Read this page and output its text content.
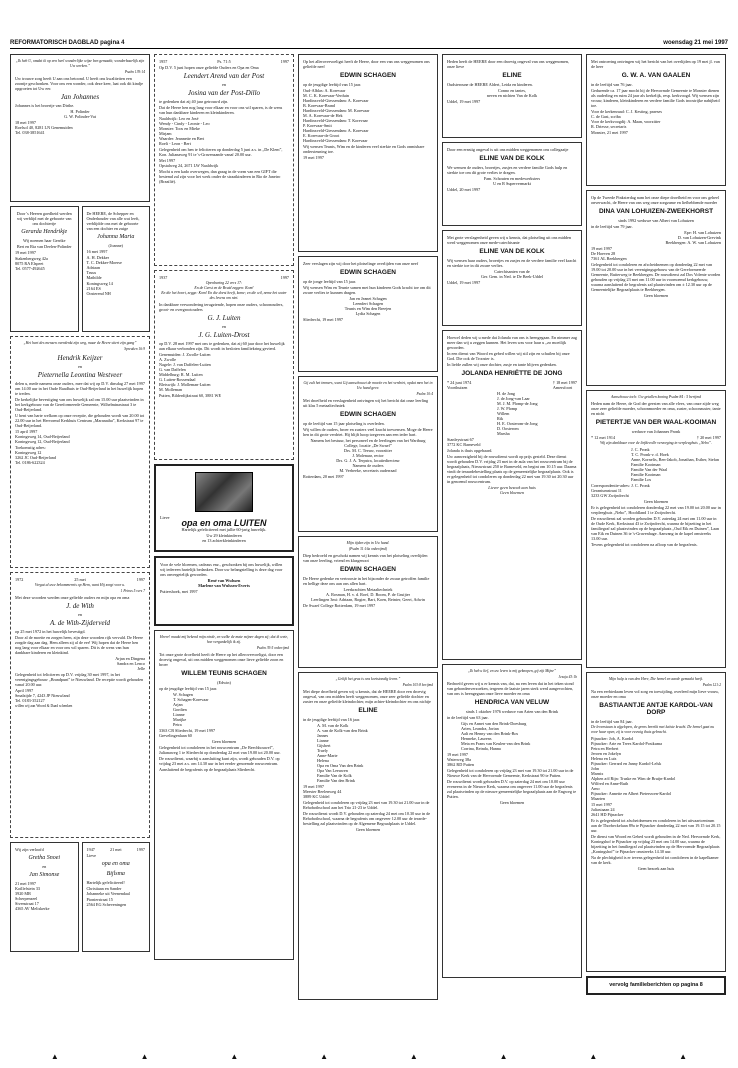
REFORMATORISCH DAGBLAD pagina 4	woensdag 21 mei 1997

„Ik heb U, omdat ik op een heel wonderlijke wijze ben gemaakt; wonderbaarlijk zijn Uw werken.”

Psalm 139:14

Uw trouwe zorg heeft U aan ons betoond. U heeft ons kwaliteiten een zoontje geschonken. Voor ons een wonder, ook deze keer, laat ook dit kindje opgroeien tot Uw eer.

Jan Johannes

Johannes is het broertje van Dirthe.

H. Polinder
G. W. Polinder-Vat

18 mei 1997
Roelsol 40, 8281 LN Genemuiden
Tel. 038-3851641

Door 's Heeren goedheid werden wij verblijd met de geboorte van ons dochtertje

Gerarda Hendrikje

Wij noemen haar Gerrike

Bert en Ria van Deelen-Polinder

19 mei 1997

Stakenbergweg 42a
8075 RA Elspeet
Tel. 0577-492645

De HEERE, de Schepper en Onderhouder van alle wat leeft, verblijdde ons met de geboorte van een dochter en zuige

Johanna Maria

(Joanne)

16 mei 1997

A. H. Dekker
T. C. Dekker-Moerse
Adriaan
Truus
Mathilde

Koningsweg 14
2164 ES
Oosterend NH

„Het hart des mensen overdenkt zijn weg, maar de Heere stiert zijn gang”

Spreuken 16:9

Hendrik Keijzer

en

Pieternella Leontina Westveer

delen u, mede namens onze ouders, mee dat wij op D.V. dinsdag 27 mei 1997 om 14.00 uur in het Oude Raadhuis te Oud-Beijerland in het huwelijk hopen te treden.

De kerkelijke bevestiging van ons huwelijk zal om 15.00 uur plaatsvinden in het kerkgebouw van de Gereformeerde Gemeente, Wilhelminastraat 3 te Oud-Beijerland.

U bent van harte welkom op onze receptie, die gehouden wordt van 20.00 tot 22.00 uur in het Hervormd Kerkhuis Centrum „Maranatha”, Kerkstraat 97 te Oud-Beijerland.

15 april 1997
Koningsweg 14, Oud-Beijerland
Koningsweg 12, Oud-Beijerland

Toekomstig adres:
Koningsweg 12
3262 JC Oud-Beijerland
Tel. 0186-622324

1972	25 mei	1997

Vergat al uwe bekommernis op Hem, want Hij zorgt voor u.

1 Petrus 5 vers 7

Met deze woorden werden onze geliefde ouders en mijn opa en oma

J. de With

en

A. de With-Zijderveld

op 25 mei 1972 in het huwelijk bevestigd.

Door al de moeite en zorgen heen, zijn deze woorden rijk vervuld. De Heere zorgde dag aan dag. Hem alleen zij al de eer! Wij hopen dat de Heere hen nog lang voor elkaar en voor ons wil sparen. Dit is de wens van hun dankbare kinderen en kleinkind.

Arjan en Dingena
Sandra en Lenco
Jelle

Gelegenheid tot feliciteren op D.V. vrijdag 30 mei 1997, in het verenigingsgebouw „Brandpunt” te Nieuwland. De receptie wordt gehouden vanaf 20.00 uur.

April 1997
Smalzijde 7, 4243 JP Nieuwland
Tel. 0183-352127

willen wij aan Woord & Daad schenken

Wij zijn verloofd

Gretha Snoei

en

Jan Simonse

21 mei 1997
Koillefstein 33
3920 MR
Scherpenzeel
Sivenstraat 17
4365 AV Meliskerke

1947	21 mei	1997

Lieve

opa en oma

Bijlsma

Hartelijk gefeliciteerd!

Christiaan en Sander
Johanneke uit Veenendaal

Pionierstraat 15
2564 EG Scheveningen

1957	Ps. 71:5	1997

Op D.V. 5 juni hopen onze geliefde Ouders en Opa en Oma

Leendert Arend van der Post

en

Josina van der Post-Dillo

te gedenken dat zij 40 jaar getrouwd zijn.

Dat de Heere hen nog lang voor elkaar en voor ons wil sparen, is de wens van hun dankbare kinderen en kleinkinderen.

Naaldwijk: Leo en José
Wendy - Cindy - Leonie - Leo
Monster: Toos en Mieke
Mirjam
Waarder: Jeannette en Bert
Roeli - Leon - Bert

Gelegenheid om hen te feliciteren op donderdag 5 juni a.s. in „De Klem”, Kon. Julianaweg 91 te 's-Gravenzande vanaf 20.00 uur.

Mei 1997
Opstalweg 24, 2671 LW Naaldwijk

Mocht u een kado overwegen, dan graag in de vorm van een GIFT die bestemd zal zijn voor het werk onder de straatkinderen in Rio de Janeiro (Brazilië).

1937	1997

Openbaring 22 vers 17:
En de Geest en de Bruid zeggen: Kom!
En die het hoort, zegge: Kom! En die dorst heeft, kome; en die wil, neme het water des levens om niet.

In dankbare verwondering terugziende, hopen onze ouders, schoonouders, groot- en overgrootouders

G. J. Luiten

en

J. G. Luiten-Drost

op D.V. 28 mei 1997 met ons te gedenken, dat zij 60 jaar door het huwelijk aan elkaar verbonden zijn. Dit wordt in besloten familiekring gevierd.

Genemuiden: J. Zwolle-Luiten
A. Zwolle
Nagele: J. van Daffelen-Luiten
G. van Daffelen
Middelburg: R. M. Luiten
G. Luiten-Rossendaal
Bleiswijk: J. Molleman-Luiten
M. Molleman

Putten, Bilderdijkstraat 60, 3881 WE

Lieve

opa en oma LUITEN

Hartelijk gefeliciteerd met jullie 60-jarig huwelijk.

Uw 29 kleinkinderen
en 13 achterkleinkinderen

Voor de vele bloemen, cadeaus enz., geschonken bij ons huwelijk, willen wij iedereen hartelijk bedanken. Door uw belangstelling is deze dag voor ons onvergetelijk geworden.

René van Wulssen
Marlene van Wulssen-Everts

Puttershoek, mei 1997

Heere! maakt mij bekend mijn einde, en welke de mate mijner dagen zij; dat ik wete, hoe vergankelijk ik zij.

Psalm 39:5 onberijmd

Tot onze grote droefheid heeft de Heere op het allerovervoeligst, door een droevig ongeval, uit ons midden weggenomen onze lieve geliefde zoon en broer

WILLEM TEUNIS SCHAGEN

(Edwin)

op de jeugdige leeftijd van 15 jaar.

W. Schagen
T. Schagen-Korevaar
Arjan
Gordien
Lianne
Marijke
Petra

3363 CB Sliedrecht, 19 mei 1997
Grevelingenlaan 60

Geen bloemen

Gelegenheid tot condoleren in het rouwcentrum „De Beechhouwel”, Julianaweg 1 te Sliedrecht op donderdag 22 mei van 19.00 tot 20.00 uur.

De rouwdienst, waarbij u aansluiting kunt zijn, wordt gehouden D.V. op vrijdag 23 mei a.s. om 14.30 uur in het eerder genoemde rouwcentrum.

Aansluitend de begrafenis op de begraafplaats Sliedrecht.

Op het allerovervoeligst heeft de Heere, door een van ons weggenomen ons geliefde neef

EDWIN SCHAGEN

op de jeugdige leeftijd van 15 jaar.

Oud-Alblas: A. Korevaar
M. C. K. Korevaar-Verduin
Hardinxveld-Giessendam: A. Korevaar
B. Korevaar-Brand
Hardinxveld-Giessendam: M. Korevaar
M. A. Korevaar-de Hek
Hardinxveld-Giessendam: T. Korevaar
P. Korevaar-Smit
Hardinxveld-Giessendam: A. Korevaar
E. Korevaar-de Groot
Hardinxveld-Giessendam: P. Korevaar

Wij wensen Teunis, Wim en de kinderen veel sterkte en Gods onmisbare ondersteuning toe.

19 mei 1997

Zeer verslagen zijn wij door het plotselinge overlijden van onze neef

EDWIN SCHAGEN

op de jonge leeftijd van 15 jaar.

Wij wensen Wim en Teunie samen met hun kinderen Gods kracht toe om dit zware verlies te kunnen dragen.

Jan en Jeanet Schagen
Leendert Schagen
Teunis en Wim den Breejen
Lydia Schagen

Sliedrecht, 19 mei 1997

Gij zult het immers, want Gij aanschouwt de moeite en het verdriet, opdat men het in Uw hand geve.

Psalm 10:4

Met droefheid en verslagenheid ontvingen wij het bericht dat onze leerling uit klas 5 metaaltechniek

EDWIN SCHAGEN

op de leeftijd van 15 jaar plotseling is overleden.

Wij willen de ouders, broer en zusters veel kracht toewensen. Moge de Heere hen in dit grote verdriet. Hij blijft hoop toegeven aan een ieder hart.

Namens het bestuur, het personeel en de leerlingen van het Wartburg College, locatie „De Swaef”
Drs. M. C. Teeuw, voorzitter
J. Molenaar, rector
Drs. G. J. A. Terpstra, locatiedirecteur
Namens de ouders
M. Verbeeke, secretaris ouderraad

Rotterdam, 20 mei 1997

Mijn tijden zijn in Uw hand.

(Psalm 31:16a onberijmd)

Diep bedroefd en geschokt namen wij kennis van het plotseling overlijden van onze leerling, vriend en klasgenoot

EDWIN SCHAGEN

De Heere gedenke en vertrooste in het bijzonder de zwaar getroffen familie en hellige deze ons aan ons allen hart.

Leerkrachten Metaaltechniek
A. Rosman, H. v. d. Roef, D. Boom, P. de Gruijter
Leerlingen 3mi: Adriaan, Rogier, Bart, Koen, Reinier, Geert, Adwin

De Swaef College Rotterdam, 19 mei 1997

„Gelijk het gras is ons kortstondig leven.”

Psalm 103:8 berijmd

Met diepe droefheid geven wij u kennis, dat de HEERE door een droevig ongeval, van ons midden heeft weggenomen, onze zeer geliefde dochter en zuster en onze geliefde kleindochter, mijn achter-kleindochter en ons nichtje

ELINE

in de jeugdige leeftijd van 16 jaar.

A. M. van de Kolk
A. van de Kolk-van den Brink
Jannes
Lianne
Gijsbert
Truely
Anne-Marie
Helena
Opa en Oma Van den Brink
Opa Van Leeuwen
Familie Van de Kolk
Familie Van den Brink

19 mei 1997
Meester Beelenweg 44
3889 KC Uddel

Gelegenheid tot condoleren op vrijdag 23 mei van 19.30 tot 21.00 uur in de Rehobothschool aan het Trio 21-23 te Uddel.

De rouwdienst wordt D.V. gehouden op zaterdag 24 mei om 10.30 uur in de Rehobothschool, waarna de begrafenis om ongeveer 12.00 uur de terarde-bestelling zal plaatsvinden op de Algemene Begraafplaats te Uddel.

Geen bloemen

Heden heeft de HEERE door een droevig ongeval van ons weggenomen, onze lieve

ELINE

Oudsteroune de HEERE Aldert, Leida en kinderen.

Conno en tantes,
neven en nichten Van de Kolk

Uddel, 19 mei 1997

Door een ernstig ongeval is uit ons midden weggenomen ons collegaatje

ELINE VAN DE KOLK

We wensen de ouders, broertjes, zusjes en verdere familie Gods hulp en sterkte toe om dit grote verlies te dragen.

Fam. Schouten en medewerksters
U en R Supervermarkt

Uddel, 20 mei 1997

Met grote verslagenheid geven wij u kennis, dat plotseling uit ons midden werd weggenomen onze mede-catechisante

ELINE VAN DE KOLK

Wij wensen haar ouders, broertjes en zusjes en de verdere familie veel kracht en sterkte toe in dit zware verlies.

Catechisanten van de
Ger. Gem. in Ned. te De Beek-Uddel

Uddel, 19 mei 1997

Hoewel deden wij u mede dat Jolanda van ons is heengegaan. En nimmer zag meer dan wij u zeggen kunnen. Het leven was voor haar u „zo moeilijk geworden.

In een dienst van Woord en gebed willen wij stil zijn en schuilen bij onze God. Die ook de Trooster is.

In liefde zullen wij onze dochter, zusje en tante blijven gedenken.

JOLANDA HENRIËTTE DE JONG

* 24 juni 1974
Voorthuizen
† 18 mei 1997
Amersfoort

H. de Jong
J. de Jong-van Laar
M. J. M. Plomp-de Jong
J. W. Plomp
Willem
Rik
H. E. Oosterom-de Jong
D. Oosterom
Marsha

Stanleystraat 67
3772 KC Barneveld

Jolanda is thuis opgebaard.

Uw aanwezigheid bij de rouwdienst wordt op prijs gesteld. Deze dienst wordt gehouden D.V. vrijdag 23 mei in de aula van het rouwcentrum bij de begraafplaats, Nieuwstraat 250 te Barneveld, en begint om 10.15 uur. Daarna vindt de teraardebestelling plaats op de gemeentelijke begraafplaats. Ook is er gelegenheid tot condoleren op donderdag 22 mei van 19.30 tot 20.30 uur in genoemd rouwcentrum.

Liever geen bezoek aan huis
Geen bloemen

„Ik heb u lief, en uw leven is mij geknopen, gij zijt Mijne”

Jesaja 43:1b

Bedroefd geven wij u er kennis van, dat, na een leven dat in het teken stond van gebondenverzoeken, tergeren de laatste jaren sterk werd aangevochten, van ons is heengegaan onze lieve moeder en oma

HENDRICA VAN VELUW

sinds 1 oktober 1976 weduwe van Arien van den Brink

in de leeftijd van 63 jaar.

Gijs en Annet van den Brink-Doesburg
Arien, Leandra, Jorian
Aalt en Henny van den Brink-Bos
Henneke, Laurens
Meta en Frans van Keulen-van den Brink
Corrina, Reinda, Hanna

19 mei 1997
Waterweg 38a
3862 RD Putten

Gelegenheid tot condoleren op vrijdag 23 mei van 19.30 tot 21.00 uur in de Nieuwe Kerk van de Hervormde Gemeente, Kerkstraat 90 te Putten.

De rouwdienst wordt gehouden D.V. op zaterdag 24 mei om 10.00 uur eveneens in de Nieuwe Kerk, waarna om ongeveer 11.00 uur de begrafenis zal plaatsvinden op de nieuwe gemeentelijke begraafplaats aan de Engweg te Putten.

Geen bloemen

Met ontroering ontvingen wij het bericht van het overlijden op 19 mei jl. van de heer

G. W. A. VAN GAALEN

in de leeftijd van 76 jaar.

Gedurende ca. 17 jaar mocht hij de Hervormde Gemeente te Monster dienen als ouderling en ruim 24 jaar als kerkelijk, resp. kerkvoogd. Wij wensen zijn vrouw, kinderen, kleinkinderen en verdere familie Gods troostrijke nabijheid toe.

Voor de kerkenraad: C. J. Kesting, praeses
C. de Gast, scriba
Voor de kerkvoogdij: A. Maan, voorzitter
R. Driesse, secretaris

Monster, 21 mei 1997

Op de Tweede Pinksterdag nam het onze diepe droefheid en voor ons geheel onverwacht, de Heere van ons weg onze zorgzame en liefhebbende moeder

DINA VAN LOHUIZEN-ZWEEKHORST

sinds 1992 weduwe van Albert van Lohuizen

in de leeftijd van 79 jaar.

Epe: H. van Lohuizen
D. van Lohuizen-Grevink
Beekbergen: A. W. van Lohuizen

19 mei 1997
De Hoeven 28
7361 AL Beekbergen

Gelegenheid tot condoleren en afscheidnemen op donderdag 22 mei van 19.00 tot 20.00 uur in het verenigingsgebouw van de Gereformeerde Gemeente, Ruiterweg te Beekbergen. De rouwdienst zal Dos Volente worden gehouden op vrijdag 23 mei om 11.00 uur in voornoemd kerkgebouw, waarna aansluitend de begrafenis zal plaatsvinden om ± 12.30 uur op de Gemeentelijke Begraafplaats te Beekbergen.

Geen bloemen

Aanschouw toch: Uw getallen koning Psalm 84 : 5 berijmd

Heden nam de Heere, de God der geesten van alle vlees, van onze zijde weg onze zeer geliefde moeder, schoonmoeder en oma, zuster, schoonzuster, tante en nicht

PIETERTJE VAN DER WAAL-KOOIMAN

weduwe van Johannes Pronk

* 12 mei 1914	† 20 mei 1997

Wij zijn dankbaar voor de liefdevolle verzorging in verpleeghuis „Nebo”.

J. C. Pronk
T. C. Pronk-v. d. Hoek
Anne, Kornelis, Ben-Jakob, Jonathan, Esther, Stefan
Familie Kooiman
Familie Van der Waal
Familie Kooiman
Familie Los

Correspondentie-adres: J. C. Pronk
Geraniumstraat 11
3233 GW Zwijndrecht

Geen bloemen

Er is gelegenheid tot condoleren donderdag 22 mei van 19.00 tot 20.00 uur in verpleeghuis „Nebo”, Hoofdland 1 te Zwijndrecht.

De rouwdienst zal worden gehouden D.V. zaterdag 24 mei om 11.00 uur in de Oude Kerk, Kerkstraat 43 te Zwijndrecht, waarna de bijzetting in het familiegraf zal plaatsvinden op de begraafplaats „Oud Eik en Duinen”, Laan van Eik en Duinen 36 te 's-Gravenhage. Aanvang in de kapel omstreeks 13.00 uur.

Tevens gelegenheid tot condoleren na afloop van de begrafenis.

Mijn hulp is van den Here, Die hemel en aarde gemaakt heeft.

Psalm 121:2

Na een eerbiedaam leven vol zorg en toewijding, overleed mijn lieve vrouw, onze moeder en oma

BASTIAANTJE ANTJE KARDOL-VAN DORP

in de leeftijd van 84 jaar.

De levenstaan is afgelopen, de grens bereikt met luitste kracht. De hemel gaat nu voor haar open, zij is voor eeuwig thuis gebracht.

Pijnacker: Job, A. Kardol
Pijnacker: Arie en Trees Kardol-Postkuma
Petra en Herbert
Jeroen en Jokelyn
Helena en Luis
Pijnacker: Gerrard en Janny Kardol-Lelsk
John
Marnix
Alphen a/d Rijn: Truske en Wim de Bruijn-Kardol
Wilfred en Anne-Ruth
Arno
Pijnacker: Annette en Albert Pieterswen-Kardol
Maarten

15 mei 1997
Juliastaaan 24
2641 HD Pijnacker

Er is gelegenheid tot afscheidnemen en condoleren in het uitvaartcentrum aan de Thorbeckelaan 89a te Pijnacker donderdag 22 mei van 19.15 tot 20.15 uur.

De dienst van Woord en Gebed wordt gehouden in de Ned. Hervormde Kerk, Koningshof te Pijnacker op vrijdag 23 mei om 14.00 uur, waarna de bijzetting in het familiegraf zal plaatsvinden op de Hervormde Begraafplaats „Koningshof” te Pijnacker omstreeks 14.30 uur.

Na de plechtigheid is er tevens gelegenheid tot condoleren in de kapelkamer van de kerk.

Geen bezoek aan huis

vervolg familieberichten op pagina 8
▲	▲	▲	▲	▲	▲	▲	▲
